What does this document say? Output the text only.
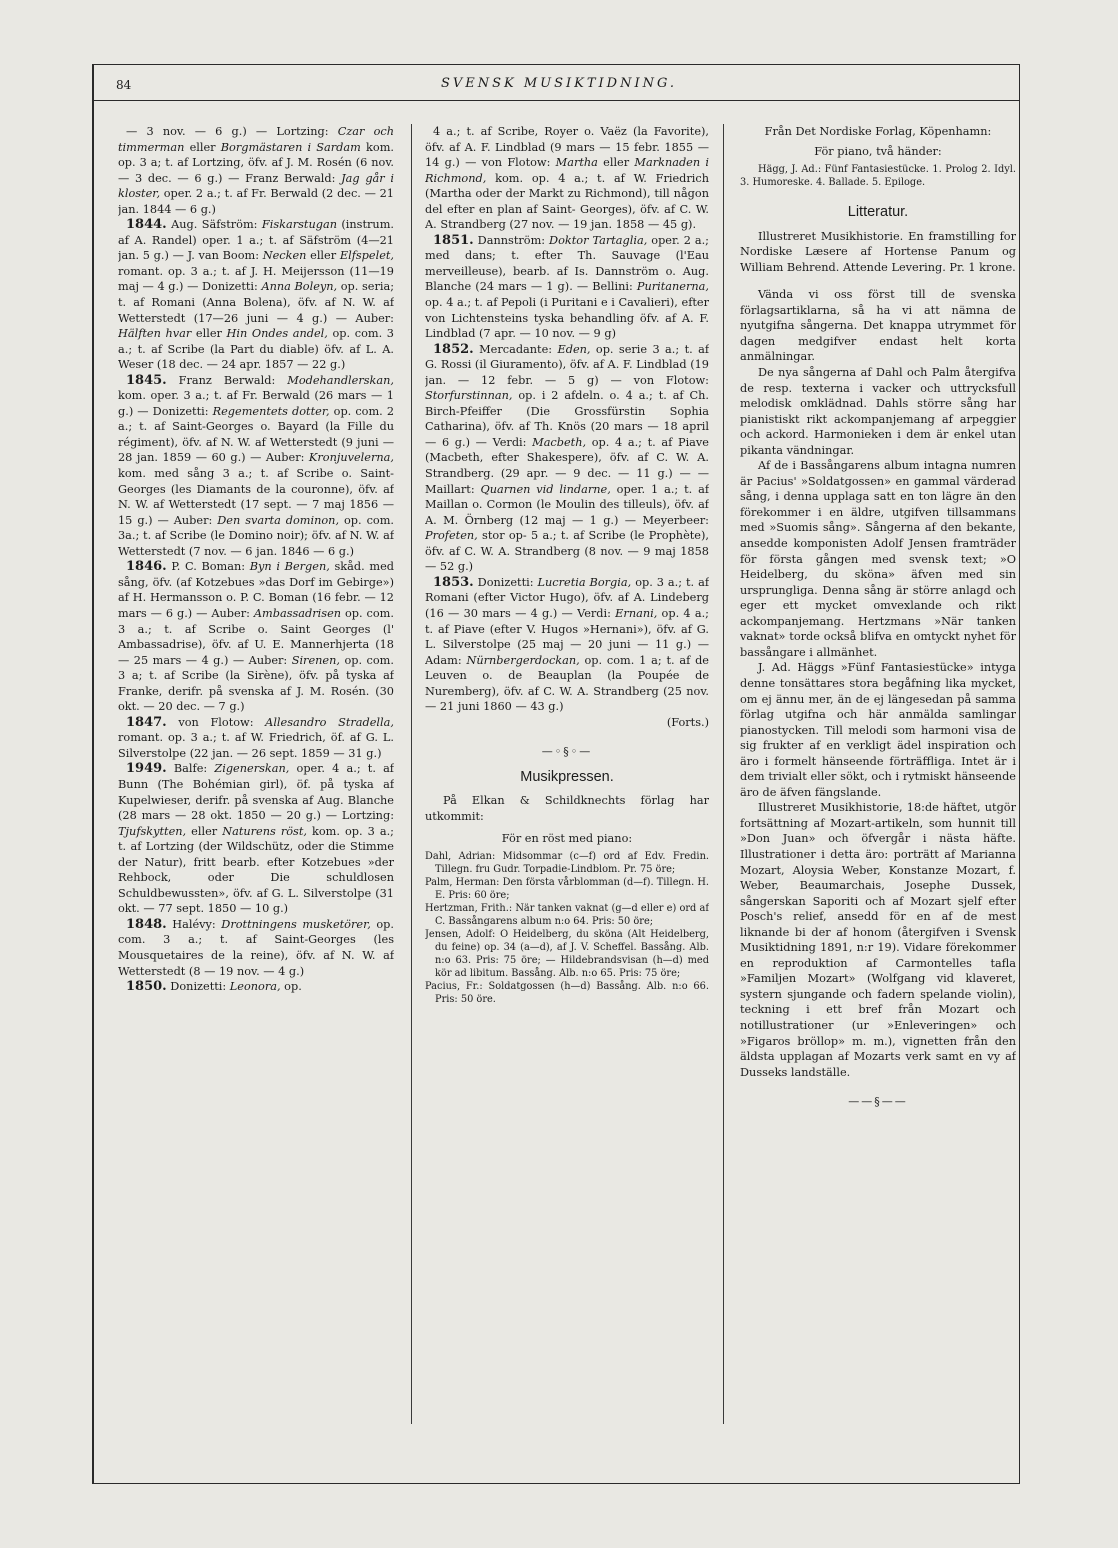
84	SVENSK MUSIKTIDNING.

— 3 nov. — 6 g.) — Lortzing: Czar och timmerman eller Borgmästaren i Sardam kom. op. 3 a; t. af Lortzing, öfv. af J. M. Rosén (6 nov. — 3 dec. — 6 g.) — Franz Berwald: Jag går i kloster, oper. 2 a.; t. af Fr. Berwald (2 dec. — 21 jan. 1844 — 6 g.)

1844. Aug. Säfström: Fiskarstugan (instrum. af A. Randel) oper. 1 a.; t. af Säfström (4—21 jan. 5 g.) — J. van Boom: Necken eller Elfspelet, romant. op. 3 a.; t. af J. H. Meijersson (11—19 maj — 4 g.) — Donizetti: Anna Boleyn, op. seria; t. af Romani (Anna Bolena), öfv. af N. W. af Wetterstedt (17—26 juni — 4 g.) — Auber: Hälften hvar eller Hin Ondes andel, op. com. 3 a.; t. af Scribe (la Part du diable) öfv. af L. A. Weser (18 dec. — 24 apr. 1857 — 22 g.)

1845. Franz Berwald: Modehandlerskan, kom. oper. 3 a.; t. af Fr. Berwald (26 mars — 1 g.) — Donizetti: Regementets dotter, op. com. 2 a.; t. af Saint-Georges o. Bayard (la Fille du régiment), öfv. af N. W. af Wetterstedt (9 juni — 28 jan. 1859 — 60 g.) — Auber: Kronjuvelerna, kom. med sång 3 a.; t. af Scribe o. Saint-Georges (les Diamants de la couronne), öfv. af N. W. af Wetterstedt (17 sept. — 7 maj 1856 — 15 g.) — Auber: Den svarta dominon, op. com. 3a.; t. af Scribe (le Domino noir); öfv. af N. W. af Wetterstedt (7 nov. — 6 jan. 1846 — 6 g.)

1846. P. C. Boman: Byn i Bergen, skåd. med sång, öfv. (af Kotzebues »das Dorf im Gebirge») af H. Hermansson o. P. C. Boman (16 febr. — 12 mars — 6 g.) — Auber: Ambassadrisen op. com. 3 a.; t. af Scribe o. Saint Georges (l' Ambassadrise), öfv. af U. E. Mannerhjerta (18 — 25 mars — 4 g.) — Auber: Sirenen, op. com. 3 a; t. af Scribe (la Sirène), öfv. på tyska af Franke, derifr. på svenska af J. M. Rosén. (30 okt. — 20 dec. — 7 g.)

1847. von Flotow: Allesandro Stradella, romant. op. 3 a.; t. af W. Friedrich, öf. af G. L. Silverstolpe (22 jan. — 26 sept. 1859 — 31 g.)

1949. Balfe: Zigenerskan, oper. 4 a.; t. af Bunn (The Bohémian girl), öf. på tyska af Kupelwieser, derifr. på svenska af Aug. Blanche (28 mars — 28 okt. 1850 — 20 g.) — Lortzing: Tjufskytten, eller Naturens röst, kom. op. 3 a.; t. af Lortzing (der Wildschütz, oder die Stimme der Natur), fritt bearb. efter Kotzebues »der Rehbock, oder Die schuldlosen Schuldbewussten», öfv. af G. L. Silverstolpe (31 okt. — 77 sept. 1850 — 10 g.)

1848. Halévy: Drottningens musketörer, op. com. 3 a.; t. af Saint-Georges (les Mousquetaires de la reine), öfv. af N. W. af Wetterstedt (8 — 19 nov. — 4 g.)

1850. Donizetti: Leonora, op.

4 a.; t. af Scribe, Royer o. Vaëz (la Favorite), öfv. af A. F. Lindblad (9 mars — 15 febr. 1855 — 14 g.) — von Flotow: Martha eller Marknaden i Richmond, kom. op. 4 a.; t. af W. Friedrich (Martha oder der Markt zu Richmond), till någon del efter en plan af Saint- Georges), öfv. af C. W. A. Strandberg (27 nov. — 19 jan. 1858 — 45 g).

1851. Dannström: Doktor Tartaglia, oper. 2 a.; med dans; t. efter Th. Sauvage (l'Eau merveilleuse), bearb. af Is. Dannström o. Aug. Blanche (24 mars — 1 g). — Bellini: Puritanerna, op. 4 a.; t. af Pepoli (i Puritani e i Cavalieri), efter von Lichtensteins tyska behandling öfv. af A. F. Lindblad (7 apr. — 10 nov. — 9 g)

1852. Mercadante: Eden, op. serie 3 a.; t. af G. Rossi (il Giuramento), öfv. af A. F. Lindblad (19 jan. — 12 febr. — 5 g) — von Flotow: Storfurstinnan, op. i 2 afdeln. o. 4 a.; t. af Ch. Birch-Pfeiffer (Die Grossfürstin Sophia Catharina), öfv. af Th. Knös (20 mars — 18 april — 6 g.) — Verdi: Macbeth, op. 4 a.; t. af Piave (Macbeth, efter Shakespere), öfv. af C. W. A. Strandberg. (29 apr. — 9 dec. — 11 g.) — — Maillart: Quarnen vid lindarne, oper. 1 a.; t. af Maillan o. Cormon (le Moulin des tilleuls), öfv. af A. M. Örnberg (12 maj — 1 g.) — Meyerbeer: Profeten, stor op- 5 a.; t. af Scribe (le Prophète), öfv. af C. W. A. Strandberg (8 nov. — 9 maj 1858 — 52 g.)

1853. Donizetti: Lucretia Borgia, op. 3 a.; t. af Romani (efter Victor Hugo), öfv. af A. Lindeberg (16 — 30 mars — 4 g.) — Verdi: Ernani, op. 4 a.; t. af Piave (efter V. Hugos »Hernani»), öfv. af G. L. Silverstolpe (25 maj — 20 juni — 11 g.) — Adam: Nürnbergerdockan, op. com. 1 a; t. af de Leuven o. de Beauplan (la Poupée de Nuremberg), öfv. af C. W. A. Strandberg (25 nov. — 21 juni 1860 — 43 g.)

(Forts.)
—◦§◦—
Musikpressen.

På Elkan & Schildknechts förlag har utkommit:

För en röst med piano:

Dahl, Adrian: Midsommar (c—f) ord af Edv. Fredin. Tillegn. fru Gudr. Torpadie-Lindblom. Pr. 75 öre;

Palm, Herman: Den första vårblomman (d—f). Tillegn. H. E. Pris: 60 öre;

Hertzman, Frith.: När tanken vaknat (g—d eller e) ord af C. Bassångarens album n:o 64. Pris: 50 öre;

Jensen, Adolf: O Heidelberg, du sköna (Alt Heidelberg, du feine) op. 34 (a—d), af J. V. Scheffel. Bassång. Alb. n:o 63. Pris: 75 öre; — Hildebrandsvisan (h—d) med kör ad libitum. Bassång. Alb. n:o 65. Pris: 75 öre;

Pacius, Fr.: Soldatgossen (h—d) Bassång. Alb. n:o 66. Pris: 50 öre.

Från Det Nordiske Forlag, Köpenhamn:

För piano, två händer:

Hägg, J. Ad.: Fünf Fantasiestücke. 1. Prolog 2. Idyl. 3. Humoreske. 4. Ballade. 5. Epiloge.

Litteratur.

Illustreret Musikhistorie. En framstilling for Nordiske Læsere af Hortense Panum og William Behrend. Attende Levering. Pr. 1 krone.

Vända vi oss först till de svenska förlagsartiklarna, så ha vi att nämna de nyutgifna sångerna. Det knappa utrymmet för dagen medgifver endast helt korta anmälningar.

De nya sångerna af Dahl och Palm återgifva de resp. texterna i vacker och uttrycksfull melodisk omklädnad. Dahls större sång har pianistiskt rikt ackompanjemang af arpeggier och ackord. Harmonieken i dem är enkel utan pikanta vändningar.

Af de i Bassångarens album intagna numren är Pacius' »Soldatgossen» en gammal värderad sång, i denna upplaga satt en ton lägre än den förekommer i en äldre, utgifven tillsammans med »Suomis sång». Sångerna af den bekante, ansedde komponisten Adolf Jensen framträder för första gången med svensk text; »O Heidelberg, du sköna» äfven med sin ursprungliga. Denna sång är större anlagd och eger ett mycket omvexlande och rikt ackompanjemang. Hertzmans »När tanken vaknat» torde också blifva en omtyckt nyhet för bassångare i allmänhet.

J. Ad. Häggs »Fünf Fantasiestücke» intyga denne tonsättares stora begåfning lika mycket, om ej ännu mer, än de ej längesedan på samma förlag utgifna och här anmälda samlingar pianostycken. Till melodi som harmoni visa de sig frukter af en verkligt ädel inspiration och äro i formelt hänseende förträffliga. Intet är i dem trivialt eller sökt, och i rytmiskt hänseende äro de äfven fängslande.

Illustreret Musikhistorie, 18:de häftet, utgör fortsättning af Mozart-artikeln, som hunnit till »Don Juan» och öfvergår i nästa häfte. Illustrationer i detta äro: porträtt af Marianna Mozart, Aloysia Weber, Konstanze Mozart, f. Weber, Beaumarchais, Josephe Dussek, sångerskan Saporiti och af Mozart sjelf efter Posch's relief, ansedd för en af de mest liknande bi der af honom (återgifven i Svensk Musiktidning 1891, n:r 19). Vidare förekommer en reproduktion af Carmontelles tafla »Familjen Mozart» (Wolfgang vid klaveret, systern sjungande och fadern spelande violin), teckning i ett bref från Mozart och notillustrationer (ur »Enleveringen» och »Figaros bröllop» m. m.), vignetten från den äldsta upplagan af Mozarts verk samt en vy af Dusseks landställe.

——§——
